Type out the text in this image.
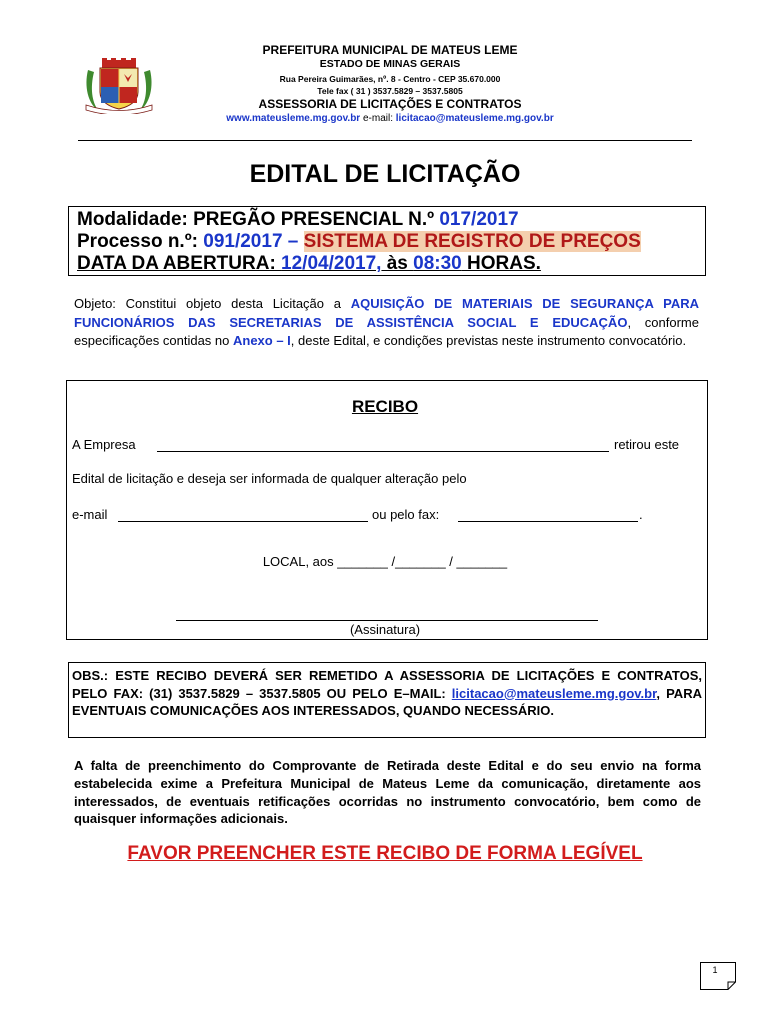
PREFEITURA MUNICIPAL DE MATEUS LEME
ESTADO DE MINAS GERAIS
Rua Pereira Guimarães, nº. 8 - Centro - CEP 35.670.000
Tele fax ( 31 ) 3537.5829 – 3537.5805
ASSESSORIA DE LICITAÇÕES E CONTRATOS
www.mateusleme.mg.gov.br e-mail: licitacao@mateusleme.mg.gov.br
EDITAL DE LICITAÇÃO
Modalidade: PREGÃO PRESENCIAL N.º 017/2017
Processo n.º: 091/2017 – SISTEMA DE REGISTRO DE PREÇOS
DATA DA ABERTURA: 12/04/2017, às 08:30 HORAS.
Objeto: Constitui objeto desta Licitação a AQUISIÇÃO DE MATERIAIS DE SEGURANÇA PARA FUNCIONÁRIOS DAS SECRETARIAS DE ASSISTÊNCIA SOCIAL E EDUCAÇÃO, conforme especificações contidas no Anexo – I, deste Edital, e condições previstas neste instrumento convocatório.
RECIBO
A Empresa	retirou este
Edital de licitação e deseja ser informada de qualquer alteração pelo
e-mail	ou pelo fax:	.
LOCAL, aos _______ /_______ / _______
(Assinatura)
OBS.: ESTE RECIBO DEVERÁ SER REMETIDO A ASSESSORIA DE LICITAÇÕES E CONTRATOS, PELO FAX: (31) 3537.5829 – 3537.5805 OU PELO E–MAIL: licitacao@mateusleme.mg.gov.br, PARA EVENTUAIS COMUNICAÇÕES AOS INTERESSADOS, QUANDO NECESSÁRIO.
A falta de preenchimento do Comprovante de Retirada deste Edital e do seu envio na forma estabelecida exime a Prefeitura Municipal de Mateus Leme da comunicação, diretamente aos interessados, de eventuais retificações ocorridas no instrumento convocatório, bem como de quaisquer informações adicionais.
FAVOR PREENCHER ESTE RECIBO DE FORMA LEGÍVEL
1
